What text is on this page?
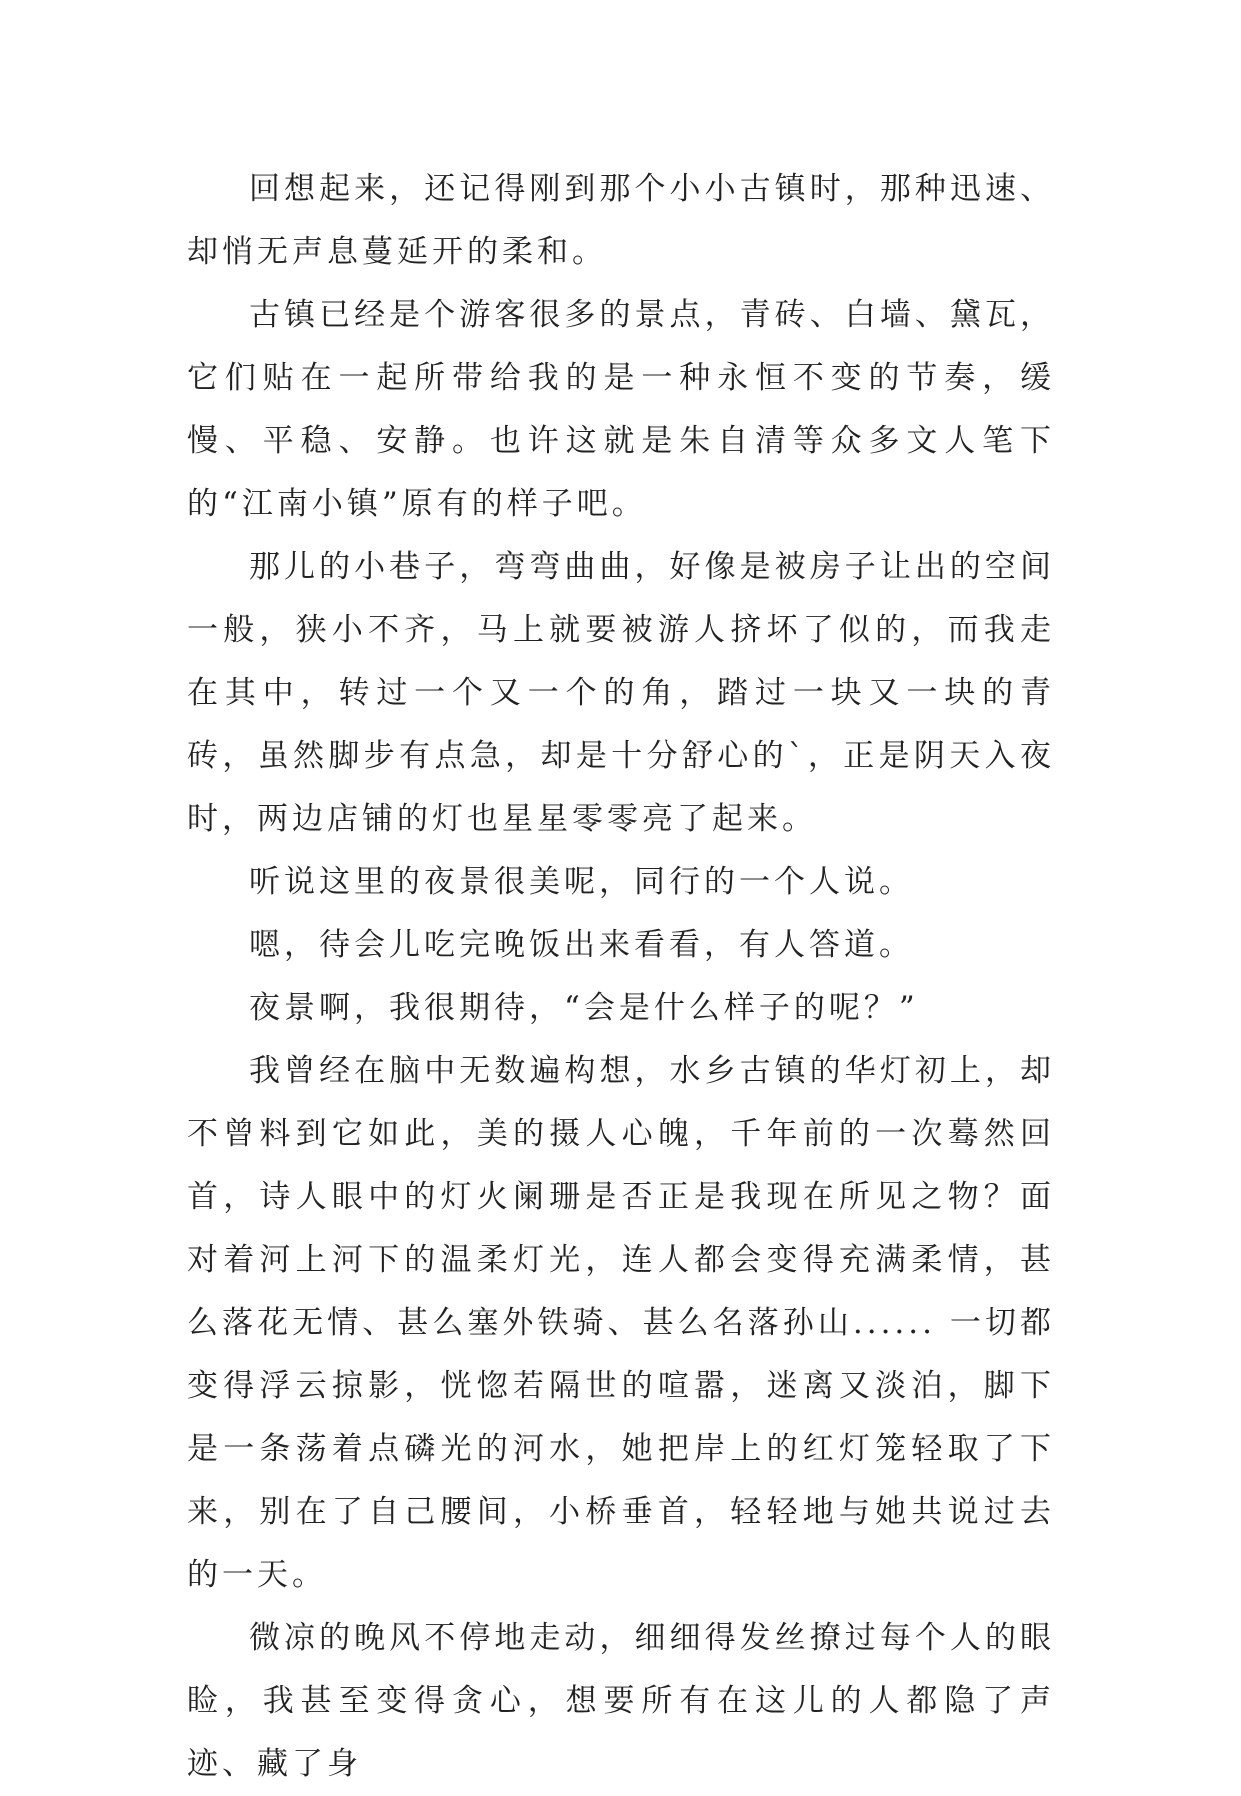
回想起来，还记得刚到那个小小古镇时，那种迅速、却悄无声息蔓延开的柔和。

古镇已经是个游客很多的景点，青砖、白墙、黛瓦，它们贴在一起所带给我的是一种永恒不变的节奏，缓慢、平稳、安静。也许这就是朱自清等众多文人笔下的“江南小镇”原有的样子吧。

那儿的小巷子，弯弯曲曲，好像是被房子让出的空间一般，狭小不齐，马上就要被游人挤坏了似的，而我走在其中，转过一个又一个的角，踏过一块又一块的青砖，虽然脚步有点急，却是十分舒心的`，正是阴天入夜时，两边店铺的灯也星星零零亮了起来。

听说这里的夜景很美呢，同行的一个人说。

嗯，待会儿吃完晚饭出来看看，有人答道。

夜景啊，我很期待，“会是什么样子的呢？”

我曾经在脑中无数遍构想，水乡古镇的华灯初上，却不曾料到它如此，美的摄人心魄，千年前的一次蓦然回首，诗人眼中的灯火阑珊是否正是我现在所见之物？面对着河上河下的温柔灯光，连人都会变得充满柔情，甚么落花无情、甚么塞外铁骑、甚么名落孙山...... 一切都变得浮云掠影，恍惚若隔世的喧嚣，迷离又淡泊，脚下是一条荡着点磷光的河水，她把岸上的红灯笼轻取了下来，别在了自己腰间，小桥垂首，轻轻地与她共说过去的一天。

微凉的晚风不停地走动，细细得发丝撩过每个人的眼睑，我甚至变得贪心，想要所有在这儿的人都隐了声迹、藏了身
